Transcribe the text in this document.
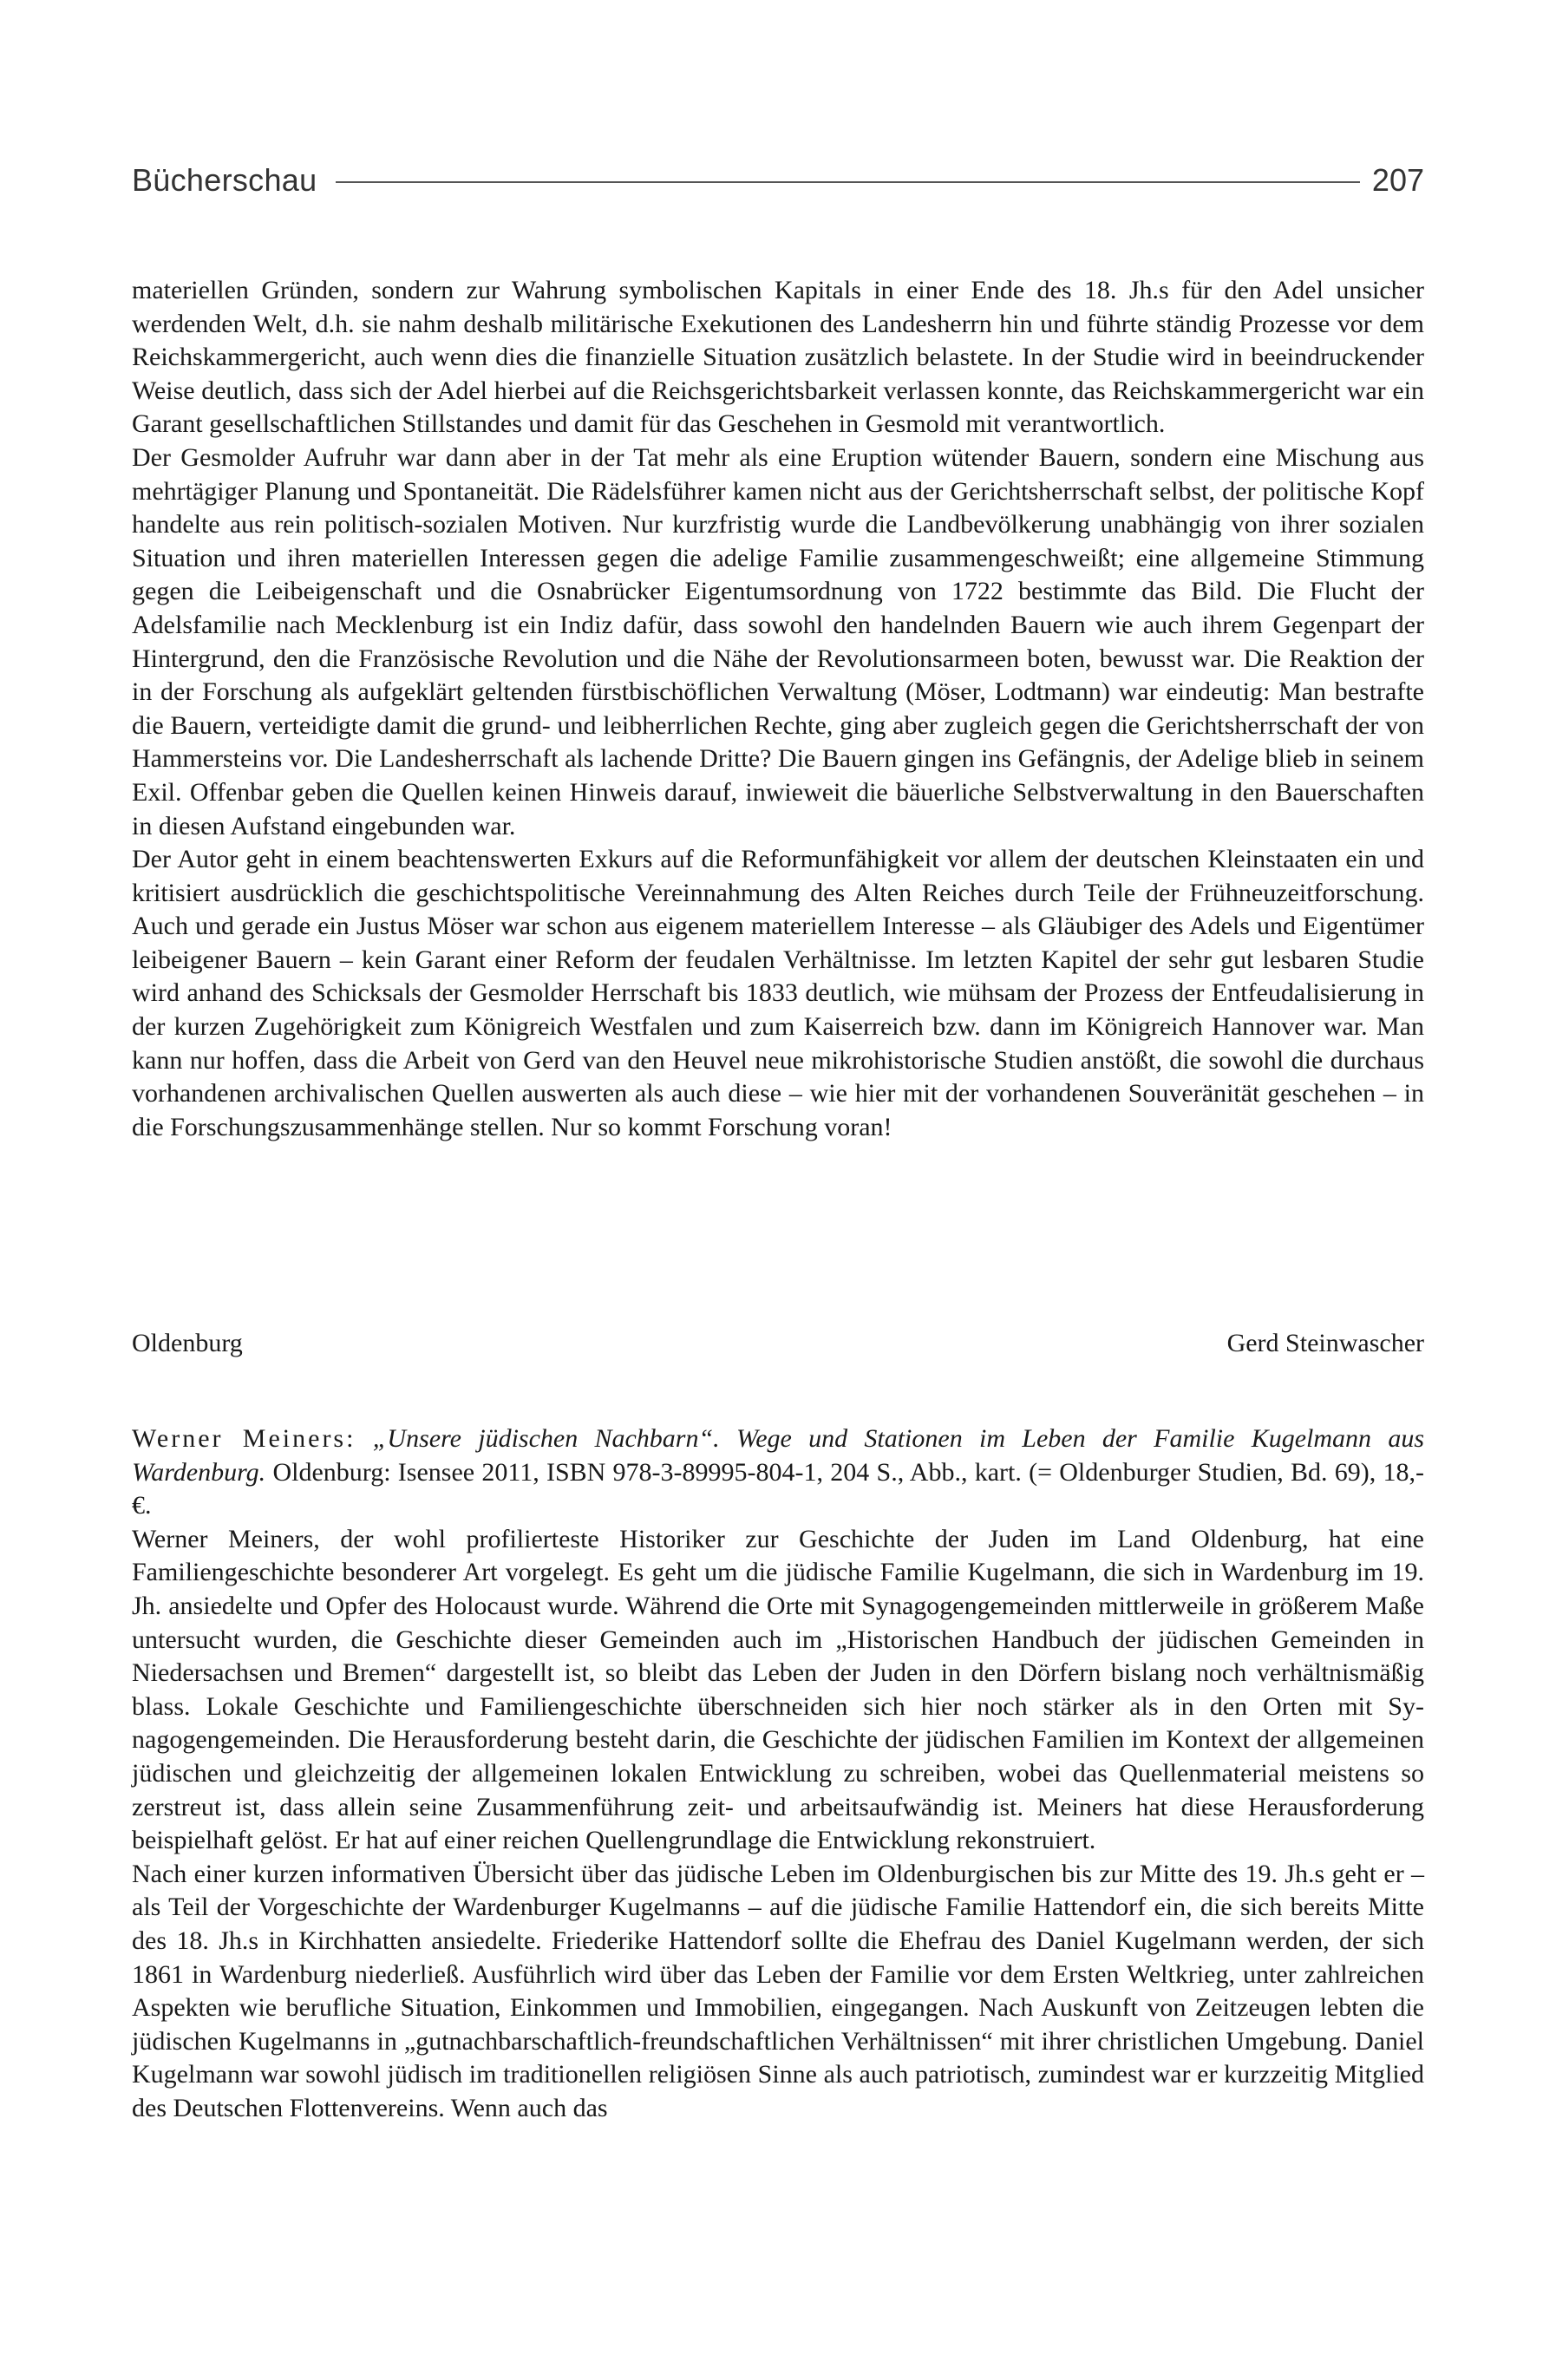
Bücherschau	207

materiellen Gründen, sondern zur Wahrung symbolischen Kapitals in einer Ende des 18. Jh.s für den Adel unsicher werdenden Welt, d.h. sie nahm deshalb militärische Exekutionen des Landesherrn hin und führte ständig Prozesse vor dem Reichskammergericht, auch wenn dies die finanzielle Situation zusätzlich belastete. In der Studie wird in beeindruckender Weise deutlich, dass sich der Adel hierbei auf die Reichsgerichtsbarkeit verlassen konnte, das Reichskammergericht war ein Garant gesellschaftlichen Stillstandes und damit für das Geschehen in Gesmold mit verantwortlich.

Der Gesmolder Aufruhr war dann aber in der Tat mehr als eine Eruption wütender Bauern, sondern eine Mischung aus mehrtägiger Planung und Spontaneität. Die Rädelsführer kamen nicht aus der Gerichtsherrschaft selbst, der politische Kopf handelte aus rein politisch-sozialen Motiven. Nur kurzfristig wurde die Landbevölkerung unabhängig von ihrer sozialen Situation und ihren materiellen Interessen gegen die adelige Familie zusammengeschweißt; eine allgemeine Stimmung gegen die Leibeigenschaft und die Osnabrücker Eigentumsordnung von 1722 bestimmte das Bild. Die Flucht der Adelsfamilie nach Mecklenburg ist ein Indiz dafür, dass sowohl den handelnden Bauern wie auch ihrem Gegenpart der Hintergrund, den die Französische Revolution und die Nähe der Revolutionsarmeen boten, bewusst war. Die Reaktion der in der Forschung als aufgeklärt geltenden fürstbischöflichen Verwaltung (Möser, Lodtmann) war eindeutig: Man bestrafte die Bauern, verteidigte damit die grund- und leibherrlichen Rechte, ging aber zugleich gegen die Gerichtsherrschaft der von Hammersteins vor. Die Landesherrschaft als lachende Dritte? Die Bauern gingen ins Gefängnis, der Adelige blieb in seinem Exil. Offenbar geben die Quellen keinen Hinweis darauf, inwieweit die bäuerliche Selbstverwaltung in den Bauerschaften in diesen Aufstand eingebunden war.

Der Autor geht in einem beachtenswerten Exkurs auf die Reformunfähigkeit vor allem der deutschen Kleinstaaten ein und kritisiert ausdrücklich die geschichtspolitische Vereinnahmung des Alten Reiches durch Teile der Frühneuzeitforschung. Auch und gerade ein Justus Möser war schon aus eigenem materiellem Interesse – als Gläubiger des Adels und Eigentümer leibeigener Bauern – kein Garant einer Reform der feudalen Verhältnisse. Im letzten Kapitel der sehr gut lesbaren Studie wird anhand des Schicksals der Gesmolder Herrschaft bis 1833 deutlich, wie mühsam der Prozess der Entfeudalisierung in der kurzen Zugehörigkeit zum Königreich Westfalen und zum Kaiserreich bzw. dann im Königreich Hannover war. Man kann nur hoffen, dass die Arbeit von Gerd van den Heuvel neue mikrohistorische Studien anstößt, die sowohl die durchaus vorhandenen archivalischen Quellen auswerten als auch diese – wie hier mit der vorhandenen Souveränität geschehen – in die Forschungszusammenhänge stellen. Nur so kommt Forschung voran!

Oldenburg	Gerd Steinwascher

Werner Meiners: „Unsere jüdischen Nachbarn“. Wege und Stationen im Leben der Familie Kugelmann aus Wardenburg. Oldenburg: Isensee 2011, ISBN 978-3-89995-804-1, 204 S., Abb., kart. (= Oldenburger Studien, Bd. 69), 18,- €.

Werner Meiners, der wohl profilierteste Historiker zur Geschichte der Juden im Land Oldenburg, hat eine Familiengeschichte besonderer Art vorgelegt. Es geht um die jüdische Familie Kugelmann, die sich in Wardenburg im 19. Jh. ansiedelte und Opfer des Holocaust wurde. Während die Orte mit Synagogengemeinden mittlerweile in größerem Maße untersucht wurden, die Geschichte dieser Gemeinden auch im „Historischen Handbuch der jüdischen Gemeinden in Niedersachsen und Bremen“ dargestellt ist, so bleibt das Leben der Juden in den Dörfern bislang noch verhältnismäßig blass. Lokale Geschichte und Familiengeschichte überschneiden sich hier noch stärker als in den Orten mit Synagogengemeinden. Die Herausforderung besteht darin, die Geschichte der jüdischen Familien im Kontext der allgemeinen jüdischen und gleichzeitig der allgemeinen lokalen Entwicklung zu schreiben, wobei das Quellenmaterial meistens so zerstreut ist, dass allein seine Zusammenführung zeit- und arbeitsaufwändig ist. Meiners hat diese Herausforderung beispielhaft gelöst. Er hat auf einer reichen Quellengrundlage die Entwicklung rekonstruiert.

Nach einer kurzen informativen Übersicht über das jüdische Leben im Oldenburgischen bis zur Mitte des 19. Jh.s geht er – als Teil der Vorgeschichte der Wardenburger Kugelmanns – auf die jüdische Familie Hattendorf ein, die sich bereits Mitte des 18. Jh.s in Kirchhatten ansiedelte. Friederike Hattendorf sollte die Ehefrau des Daniel Kugelmann werden, der sich 1861 in Wardenburg niederließ. Ausführlich wird über das Leben der Familie vor dem Ersten Weltkrieg, unter zahlreichen Aspekten wie berufliche Situation, Einkommen und Immobilien, eingegangen. Nach Auskunft von Zeitzeugen lebten die jüdischen Kugelmanns in „gutnachbarschaftlich-freundschaftlichen Verhältnissen“ mit ihrer christlichen Umgebung. Daniel Kugelmann war sowohl jüdisch im traditionellen religiösen Sinne als auch patriotisch, zumindest war er kurzzeitig Mitglied des Deutschen Flottenvereins. Wenn auch das
